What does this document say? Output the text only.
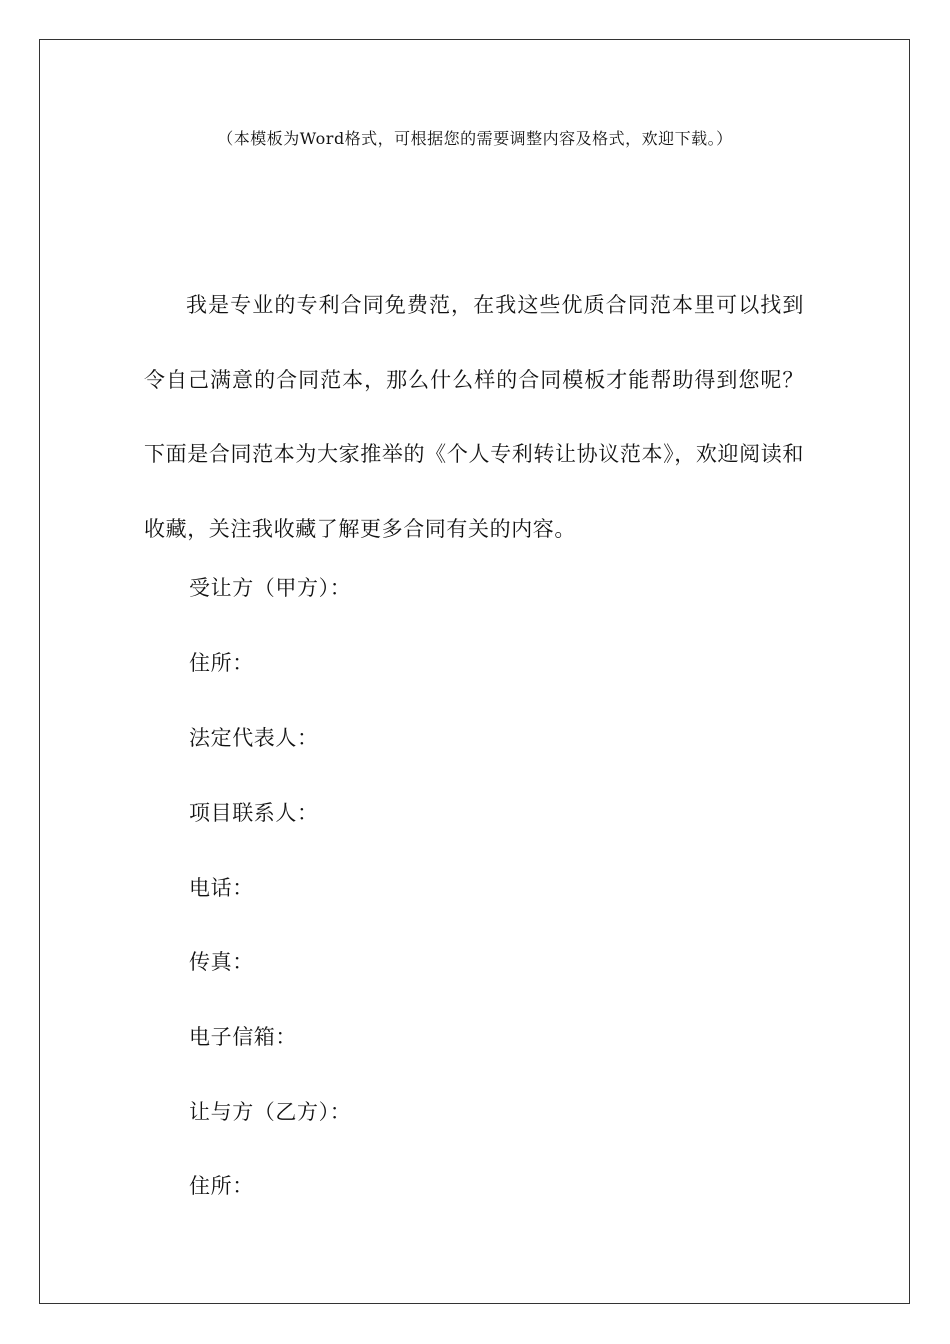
（本模板为Word格式，可根据您的需要调整内容及格式，欢迎下载。）

我是专业的专利合同免费范，在我这些优质合同范本里可以找到令自己满意的合同范本，那么什么样的合同模板才能帮助得到您呢？下面是合同范本为大家推举的《个人专利转让协议范本》，欢迎阅读和收藏，关注我收藏了解更多合同有关的内容。

受让方（甲方）：
住所：
法定代表人：
项目联系人：
电话：
传真：
电子信箱：
让与方（乙方）：
住所：
